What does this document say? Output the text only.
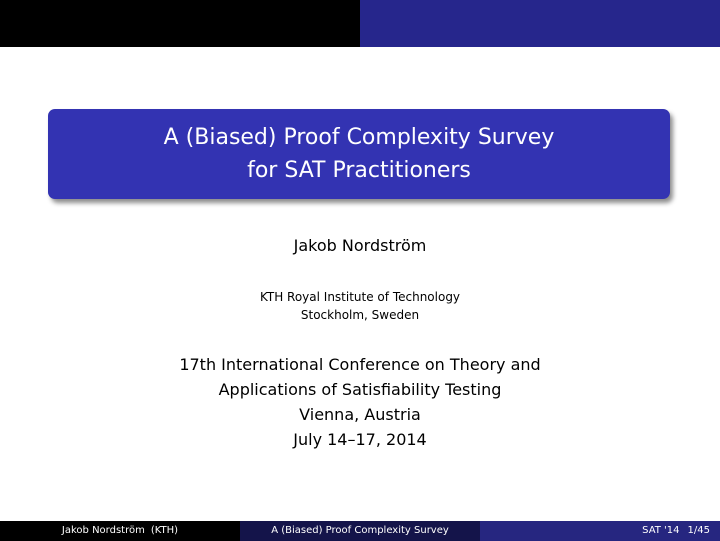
A (Biased) Proof Complexity Survey
for SAT Practitioners
Jakob Nordström
KTH Royal Institute of Technology
Stockholm, Sweden
17th International Conference on Theory and
Applications of Satisfiability Testing
Vienna, Austria
July 14–17, 2014
Jakob Nordström (KTH)	A (Biased) Proof Complexity Survey	SAT '14 1/45
